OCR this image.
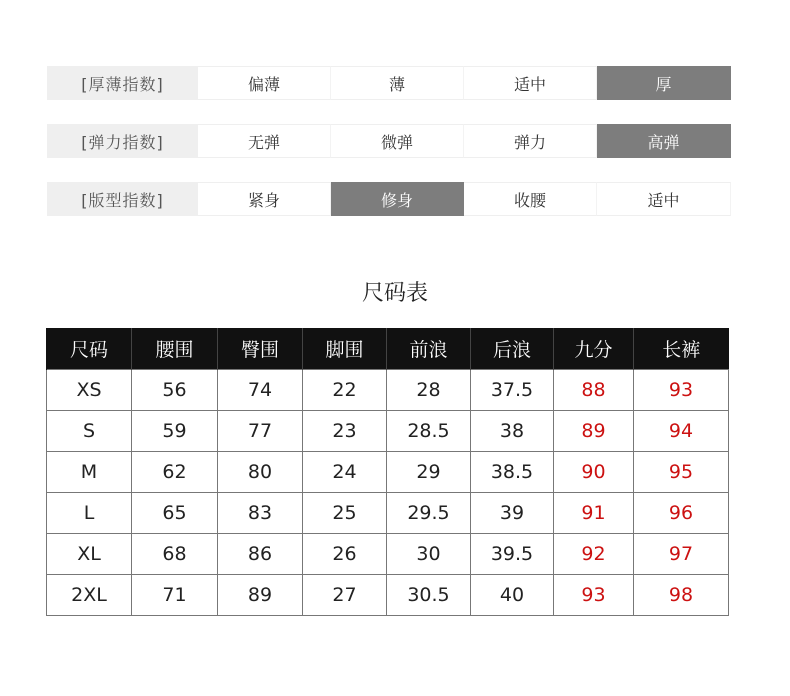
[厚薄指数]	偏薄	薄	适中	厚
[弹力指数]	无弹	微弹	弹力	高弹
[版型指数]	紧身	修身	收腰	适中
尺码表
尺码	腰围	臀围	脚围	前浪	后浪	九分	长裤
XS	56	74	22	28	37.5	88	93
S	59	77	23	28.5	38	89	94
M	62	80	24	29	38.5	90	95
L	65	83	25	29.5	39	91	96
XL	68	86	26	30	39.5	92	97
2XL	71	89	27	30.5	40	93	98
